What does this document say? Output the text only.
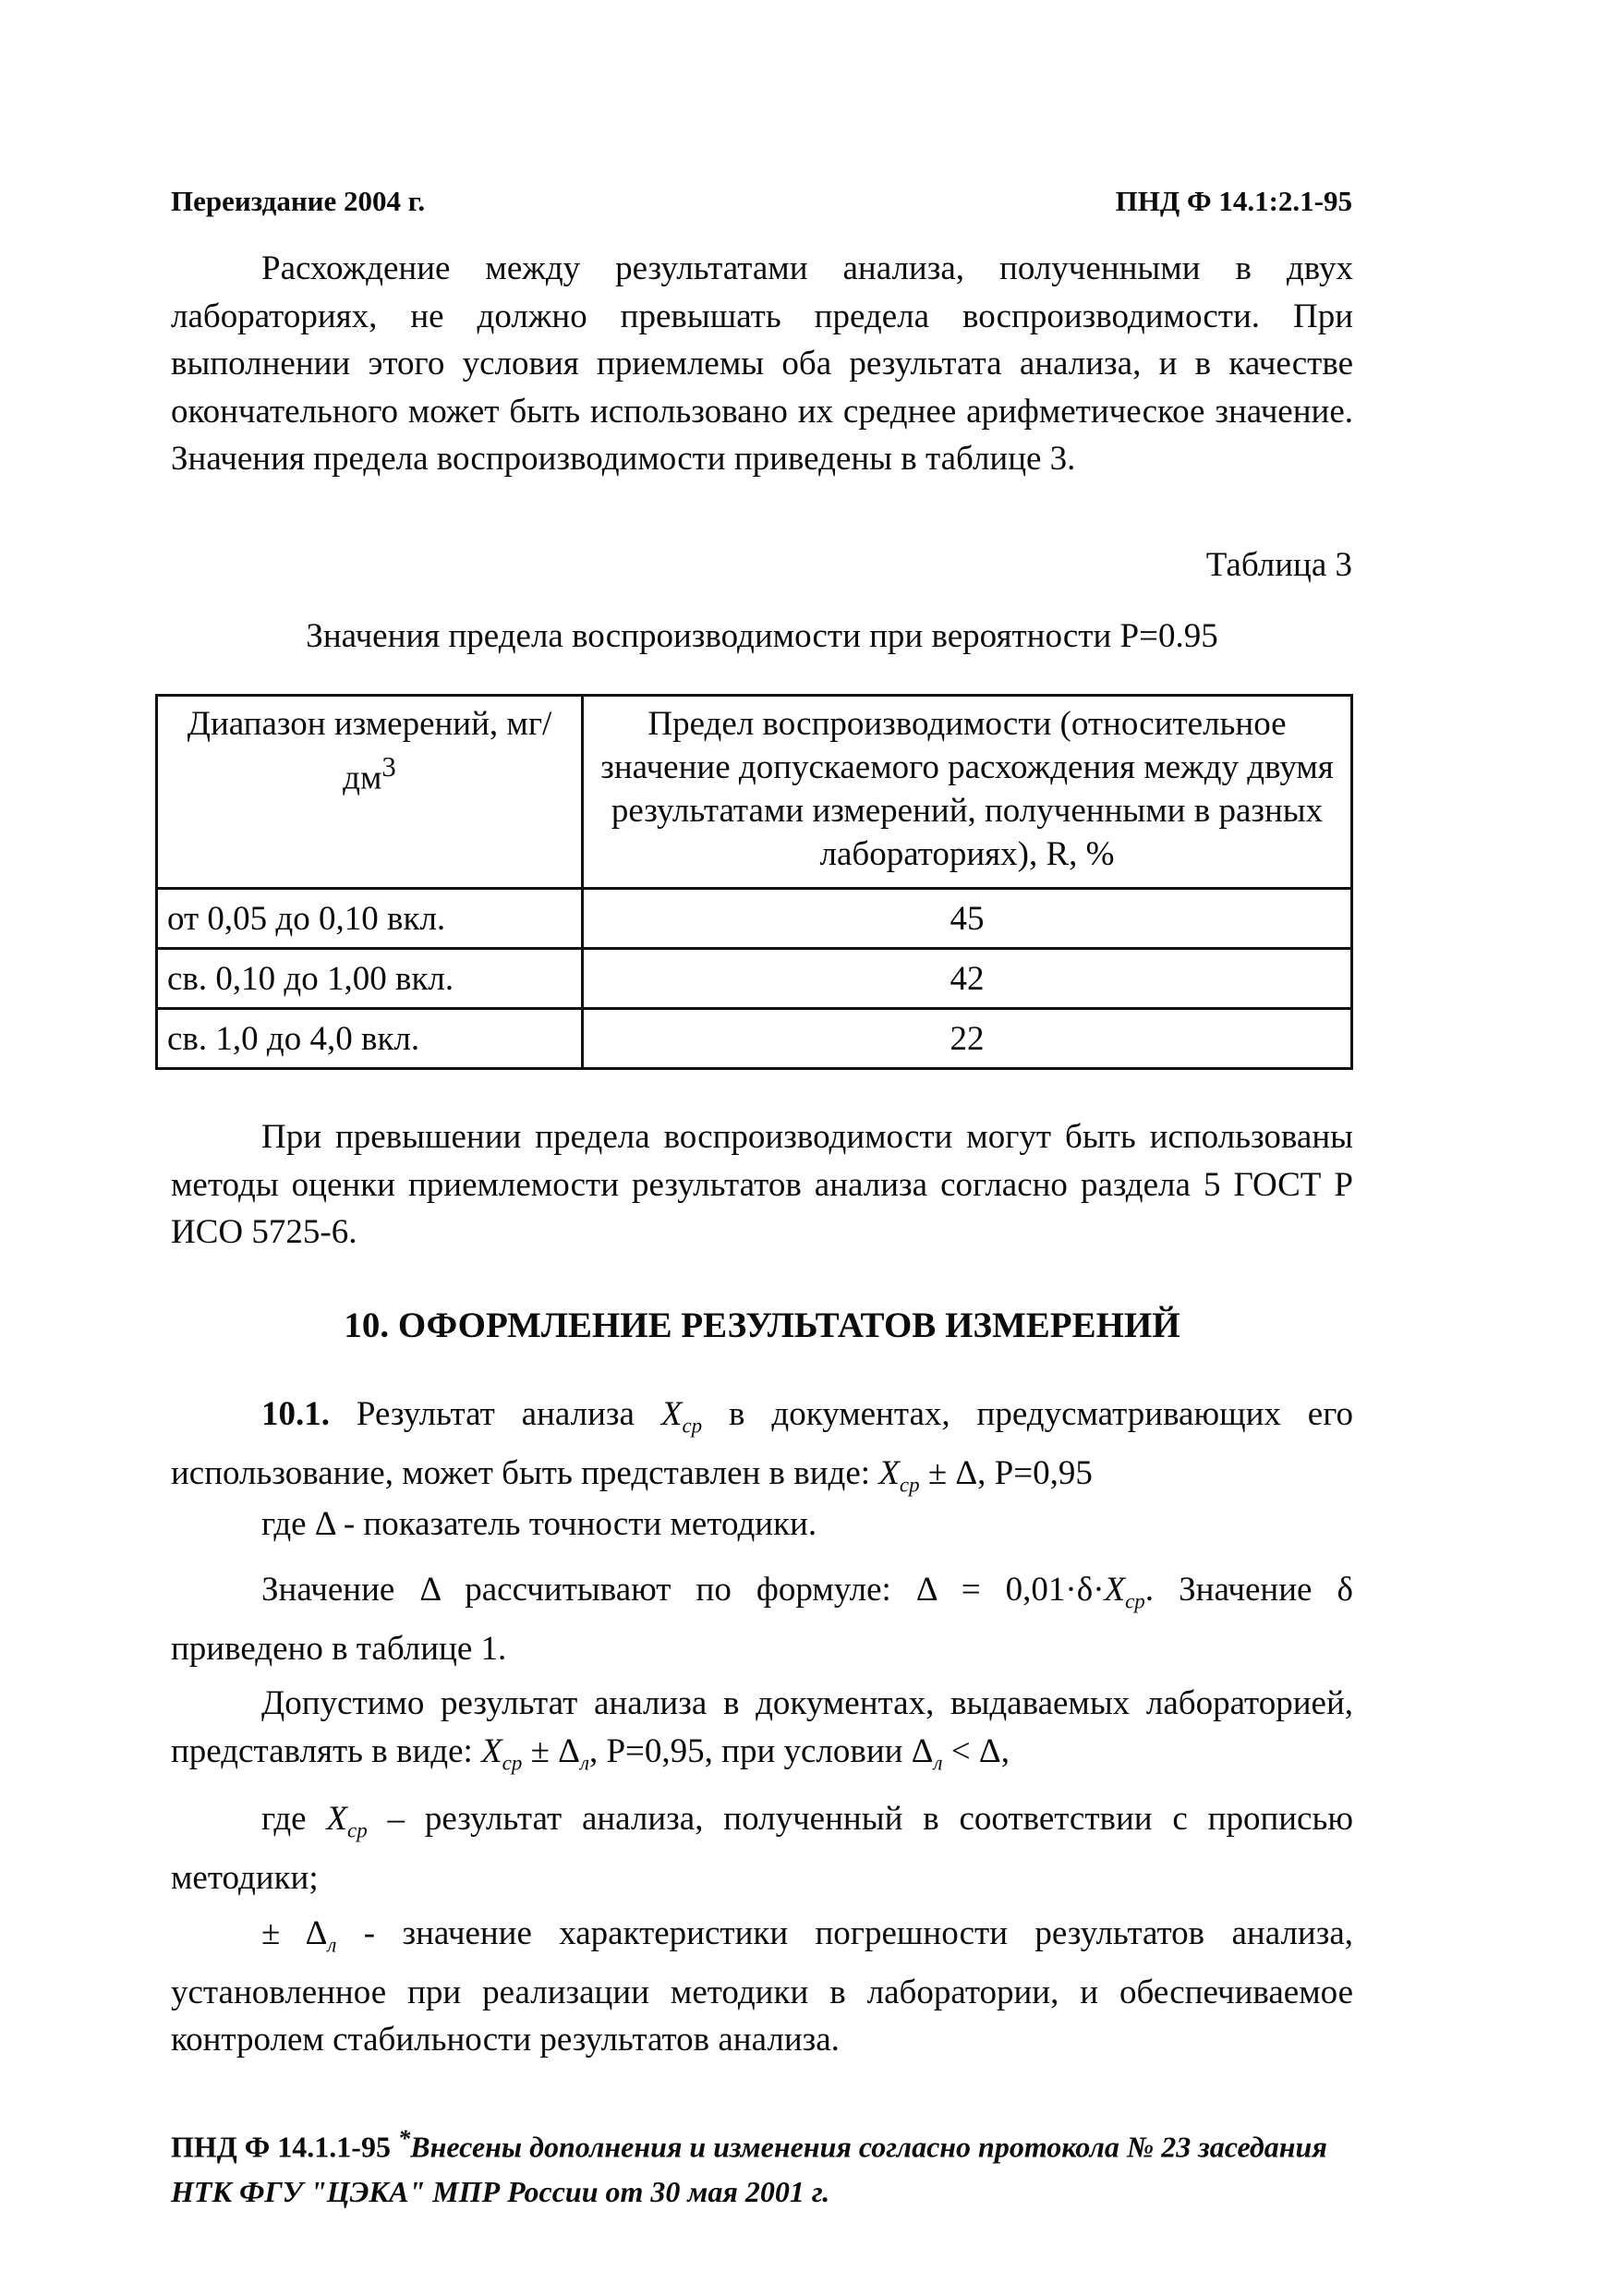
Переиздание 2004 г.	ПНД Ф 14.1:2.1-95

Расхождение между результатами анализа, полученными в двух лабораториях, не должно превышать предела воспроизводимости. При выполнении этого условия приемлемы оба результата анализа, и в качестве окончательного может быть использовано их среднее арифметическое значение. Значения предела воспроизводимости приведены в таблице 3.

Таблица 3
Значения предела воспроизводимости при вероятности Р=0.95
Диапазон измерений, $мг/дм^3$	Предел воспроизводимости (относительное значение допускаемого расхождения между двумя результатами измерений, полученными в разных лабораториях), R, %
от 0,05 до 0,10 вкл.	45
св. 0,10 до 1,00 вкл.	42
св. 1,0 до 4,0 вкл.	22

При превышении предела воспроизводимости могут быть использованы методы оценки приемлемости результатов анализа согласно раздела 5 ГОСТ Р ИСО 5725-6.

10. ОФОРМЛЕНИЕ РЕЗУЛЬТАТОВ ИЗМЕРЕНИЙ

10.1. Результат анализа $X_{ср}$ в документах, предусматривающих его использование, может быть представлен в виде: $X_{ср} \pm \Delta$, Р=0,95

где Δ - показатель точности методики.

Значение Δ рассчитывают по формуле: $\Delta = 0,01\cdot\delta\cdot X_{ср}$. Значение δ приведено в таблице 1.

Допустимо результат анализа в документах, выдаваемых лабораторией, представлять в виде: $X_{ср} \pm \Delta_л$, Р=0,95, при условии $\Delta_л < \Delta$,

где $X_{ср}$ – результат анализа, полученный в соответствии с прописью методики;

± $\Delta_л$ - значение характеристики погрешности результатов анализа, установленное при реализации методики в лаборатории, и обеспечиваемое контролем стабильности результатов анализа.

ПНД Ф 14.1.1-95 *Внесены дополнения и изменения согласно протокола № 23 заседания НТК ФГУ "ЦЭКА" МПР России от 30 мая 2001 г.
